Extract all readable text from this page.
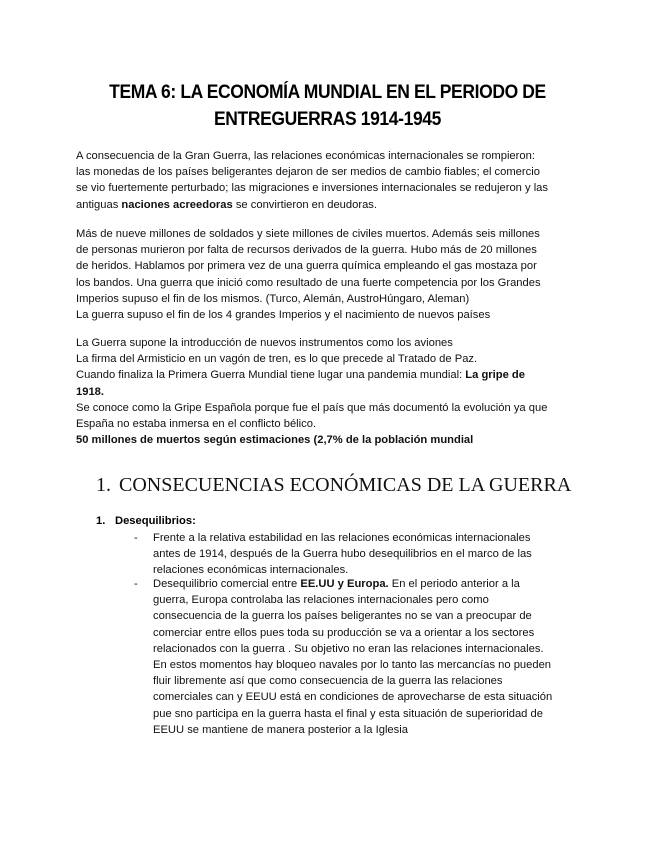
TEMA 6: LA ECONOMÍA MUNDIAL EN EL PERIODO DE
ENTREGUERRAS 1914-1945
A consecuencia de la Gran Guerra, las relaciones económicas internacionales se rompieron:
las monedas de los países beligerantes dejaron de ser medios de cambio fiables; el comercio
se vio fuertemente perturbado; las migraciones e inversiones internacionales se redujeron y las
antiguas naciones acreedoras se convirtieron en deudoras.
Más de nueve millones de soldados y siete millones de civiles muertos. Además seis millones
de personas murieron por falta de recursos derivados de la guerra. Hubo más de 20 millones
de heridos. Hablamos por primera vez de una guerra química empleando el gas mostaza por
los bandos. Una guerra que inició como resultado de una fuerte competencia por los Grandes
Imperios supuso el fin de los mismos. (Turco, Alemán, AustroHúngaro, Aleman)
La guerra supuso el fin de los 4 grandes Imperios y el nacimiento de nuevos países
La Guerra supone la introducción de nuevos instrumentos como los aviones
La firma del Armisticio en un vagón de tren, es lo que precede al Tratado de Paz.
Cuando finaliza la Primera Guerra Mundial tiene lugar una pandemia mundial: La gripe de
1918.
Se conoce como la Gripe Española porque fue el país que más documentó la evolución ya que
España no estaba inmersa en el conflicto bélico.
50 millones de muertos según estimaciones (2,7% de la población mundial
1. CONSECUENCIAS ECONÓMICAS DE LA GUERRA
1. Desequilibrios:
- Frente a la relativa estabilidad en las relaciones económicas internacionales
antes de 1914, después de la Guerra hubo desequilibrios en el marco de las
relaciones económicas internacionales.
- Desequilibrio comercial entre EE.UU y Europa. En el periodo anterior a la
guerra, Europa controlaba las relaciones internacionales pero como
consecuencia de la guerra los países beligerantes no se van a preocupar de
comerciar entre ellos pues toda su producción se va a orientar a los sectores
relacionados con la guerra . Su objetivo no eran las relaciones internacionales.
En estos momentos hay bloqueo navales por lo tanto las mercancías no pueden
fluir libremente así que como consecuencia de la guerra las relaciones
comerciales can y EEUU está en condiciones de aprovecharse de esta situación
pue sno participa en la guerra hasta el final y esta situación de superioridad de
EEUU se mantiene de manera posterior a la Iglesia
